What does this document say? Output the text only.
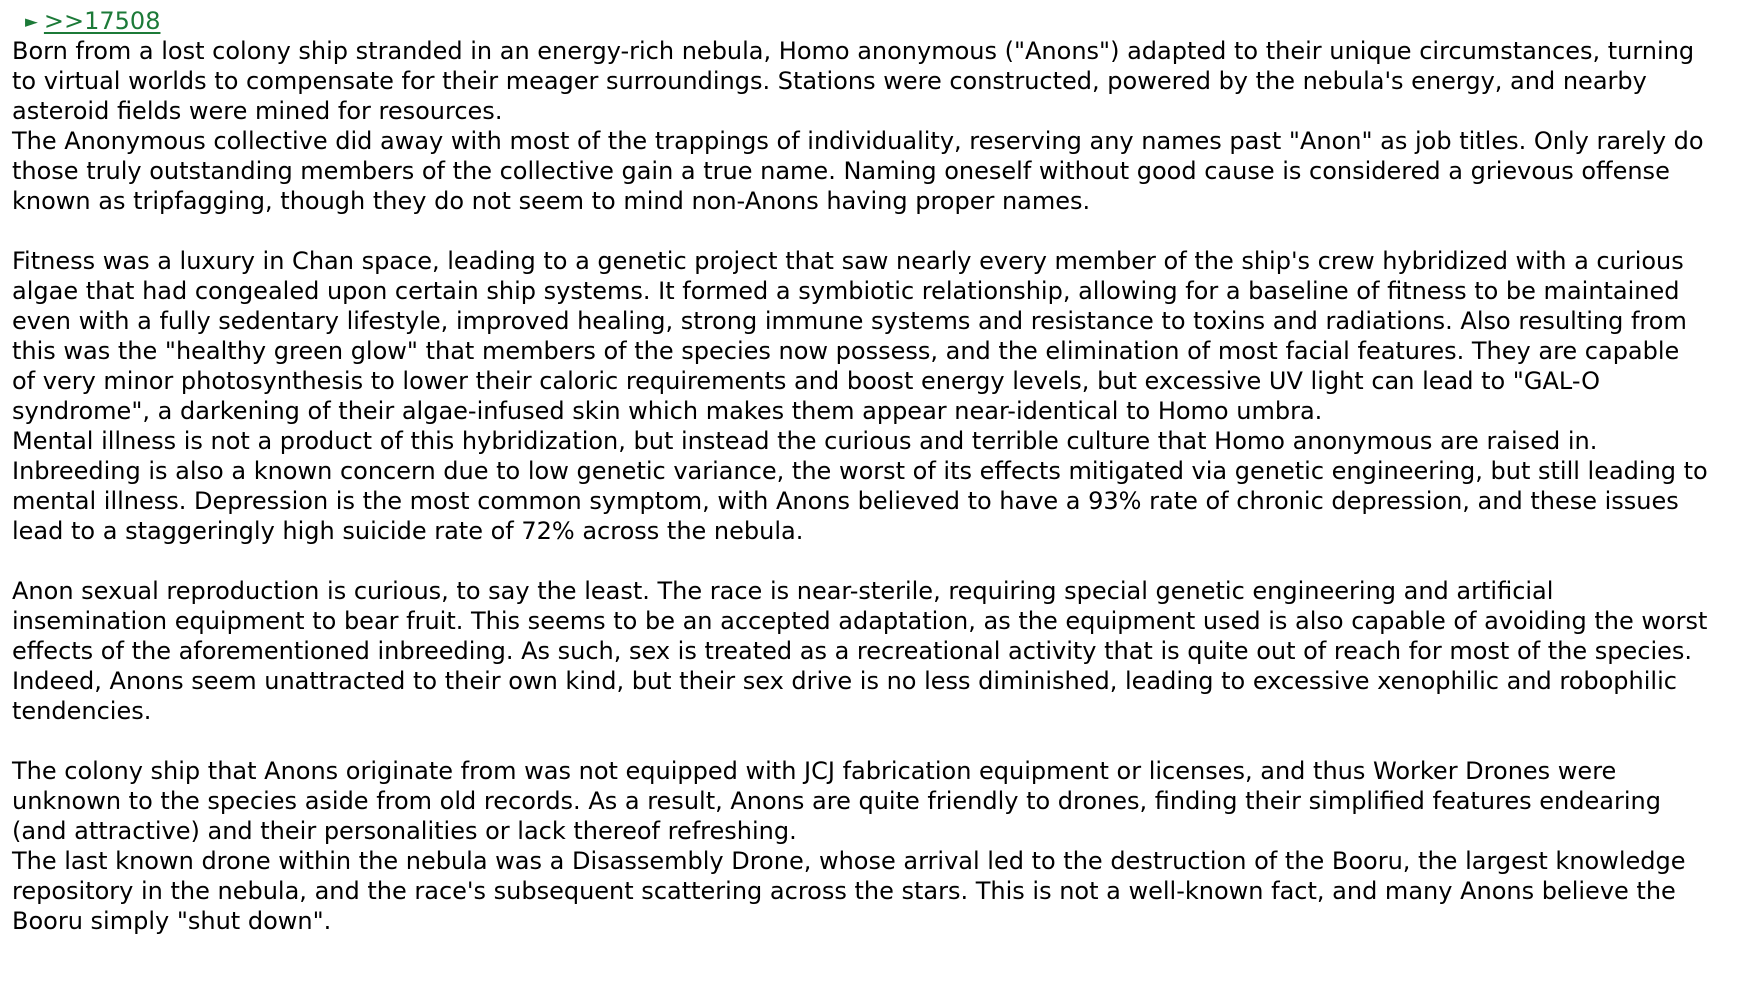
► >>17508

Born from a lost colony ship stranded in an energy-rich nebula, Homo anonymous ("Anons") adapted to their unique circumstances, turning to virtual worlds to compensate for their meager surroundings. Stations were constructed, powered by the nebula's energy, and nearby asteroid fields were mined for resources.

The Anonymous collective did away with most of the trappings of individuality, reserving any names past "Anon" as job titles. Only rarely do those truly outstanding members of the collective gain a true name. Naming oneself without good cause is considered a grievous offense known as tripfagging, though they do not seem to mind non-Anons having proper names.

Fitness was a luxury in Chan space, leading to a genetic project that saw nearly every member of the ship's crew hybridized with a curious algae that had congealed upon certain ship systems. It formed a symbiotic relationship, allowing for a baseline of fitness to be maintained even with a fully sedentary lifestyle, improved healing, strong immune systems and resistance to toxins and radiations. Also resulting from this was the "healthy green glow" that members of the species now possess, and the elimination of most facial features. They are capable of very minor photosynthesis to lower their caloric requirements and boost energy levels, but excessive UV light can lead to "GAL-O syndrome", a darkening of their algae-infused skin which makes them appear near-identical to Homo umbra.

Mental illness is not a product of this hybridization, but instead the curious and terrible culture that Homo anonymous are raised in. Inbreeding is also a known concern due to low genetic variance, the worst of its effects mitigated via genetic engineering, but still leading to mental illness. Depression is the most common symptom, with Anons believed to have a 93% rate of chronic depression, and these issues lead to a staggeringly high suicide rate of 72% across the nebula.

Anon sexual reproduction is curious, to say the least. The race is near-sterile, requiring special genetic engineering and artificial insemination equipment to bear fruit. This seems to be an accepted adaptation, as the equipment used is also capable of avoiding the worst effects of the aforementioned inbreeding. As such, sex is treated as a recreational activity that is quite out of reach for most of the species. Indeed, Anons seem unattracted to their own kind, but their sex drive is no less diminished, leading to excessive xenophilic and robophilic tendencies.

The colony ship that Anons originate from was not equipped with JCJ fabrication equipment or licenses, and thus Worker Drones were unknown to the species aside from old records. As a result, Anons are quite friendly to drones, finding their simplified features endearing (and attractive) and their personalities or lack thereof refreshing.

The last known drone within the nebula was a Disassembly Drone, whose arrival led to the destruction of the Booru, the largest knowledge repository in the nebula, and the race's subsequent scattering across the stars. This is not a well-known fact, and many Anons believe the Booru simply "shut down".
